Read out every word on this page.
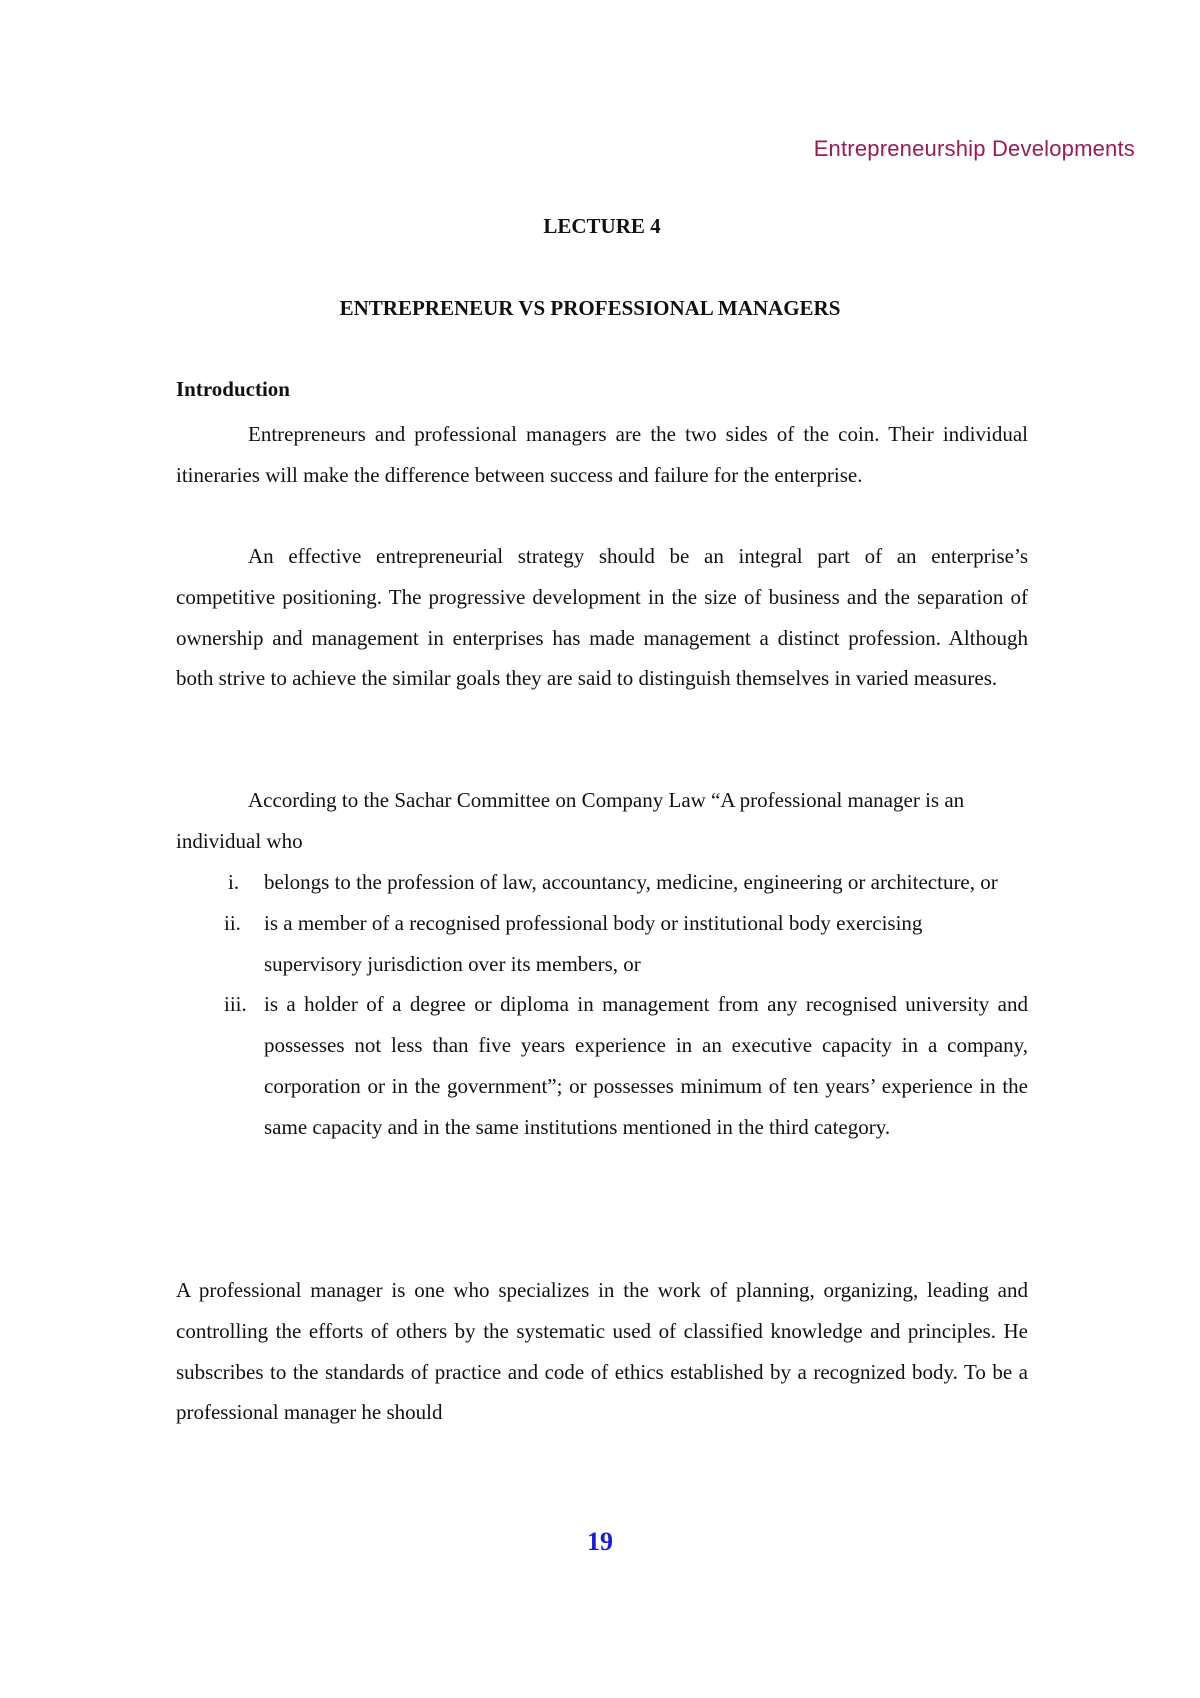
Entrepreneurship Developments
LECTURE 4
ENTREPRENEUR VS PROFESSIONAL MANAGERS
Introduction

Entrepreneurs and professional managers are the two sides of the coin. Their individual itineraries will make the difference between success and failure for the enterprise.

An effective entrepreneurial strategy should be an integral part of an enterprise’s competitive positioning. The progressive development in the size of business and the separation of ownership and management in enterprises has made management a distinct profession. Although both strive to achieve the similar goals they are said to distinguish themselves in varied measures.

According to the Sachar Committee on Company Law “A professional manager is an individual who

i.	belongs to the profession of law, accountancy, medicine, engineering or architecture, or
ii.	is a member of a recognised professional body or institutional body exercising supervisory jurisdiction over its members, or
iii. is a holder of a degree or diploma in management from any recognised university and possesses not less than five years experience in an executive capacity in a company, corporation or in the government”; or possesses minimum of ten years’ experience in the same capacity and in the same institutions mentioned in the third category.

A professional manager is one who specializes in the work of planning, organizing, leading and controlling the efforts of others by the systematic used of classified knowledge and principles. He subscribes to the standards of practice and code of ethics established by a recognized body. To be a professional manager he should

19
